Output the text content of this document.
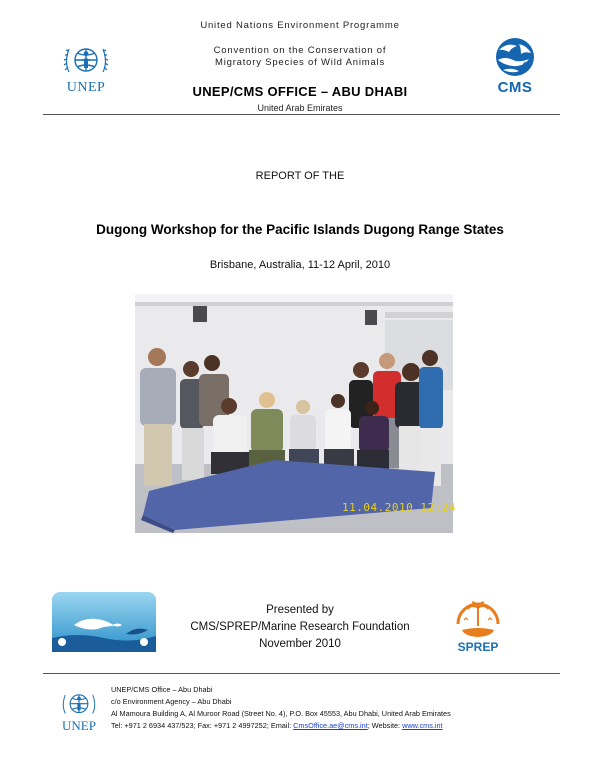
United Nations Environment Programme
Convention on the Conservation of
Migratory Species of Wild Animals
UNEP/CMS OFFICE – ABU DHABI
United Arab Emirates
UNEP	CMS
REPORT OF THE
Dugong Workshop for the Pacific Islands Dugong Range States
Brisbane, Australia, 11-12 April, 2010
11.04.2010 12:24
Presented by
CMS/SPREP/Marine Research Foundation
November 2010	SPREP
UNEP
UNEP/CMS Office – Abu Dhabi
c/o Environment Agency – Abu Dhabi
Al Mamoura Building A, Al Muroor Road (Street No. 4), P.O. Box 45553, Abu Dhabi, United Arab Emirates
Tel: +971 2 6934 437/523; Fax: +971 2 4997252; Email: CmsOffice.ae@cms.int; Website: www.cms.int
